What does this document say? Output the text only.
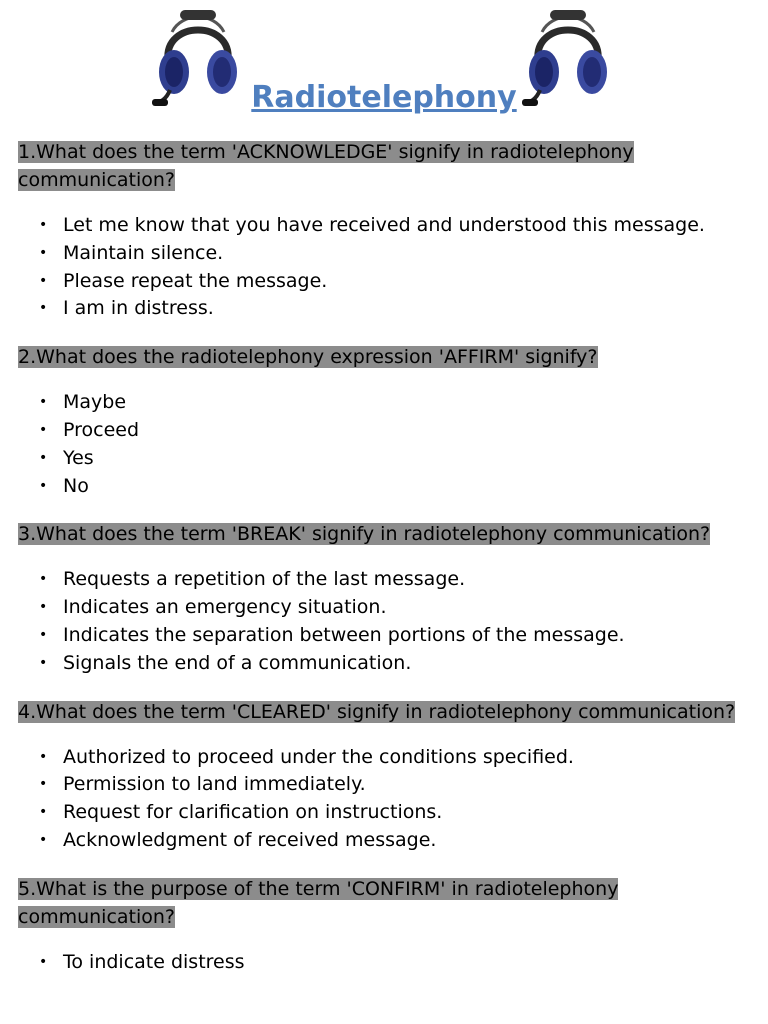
Radiotelephony

1.What does the term 'ACKNOWLEDGE' signify in radiotelephony communication?

• Let me know that you have received and understood this message.
• Maintain silence.
• Please repeat the message.
• I am in distress.

2.What does the radiotelephony expression 'AFFIRM' signify?

• Maybe
• Proceed
• Yes
• No

3.What does the term 'BREAK' signify in radiotelephony communication?

• Requests a repetition of the last message.
• Indicates an emergency situation.
• Indicates the separation between portions of the message.
• Signals the end of a communication.

4.What does the term 'CLEARED' signify in radiotelephony communication?

• Authorized to proceed under the conditions specified.
• Permission to land immediately.
• Request for clarification on instructions.
• Acknowledgment of received message.

5.What is the purpose of the term 'CONFIRM' in radiotelephony communication?

• To indicate distress
